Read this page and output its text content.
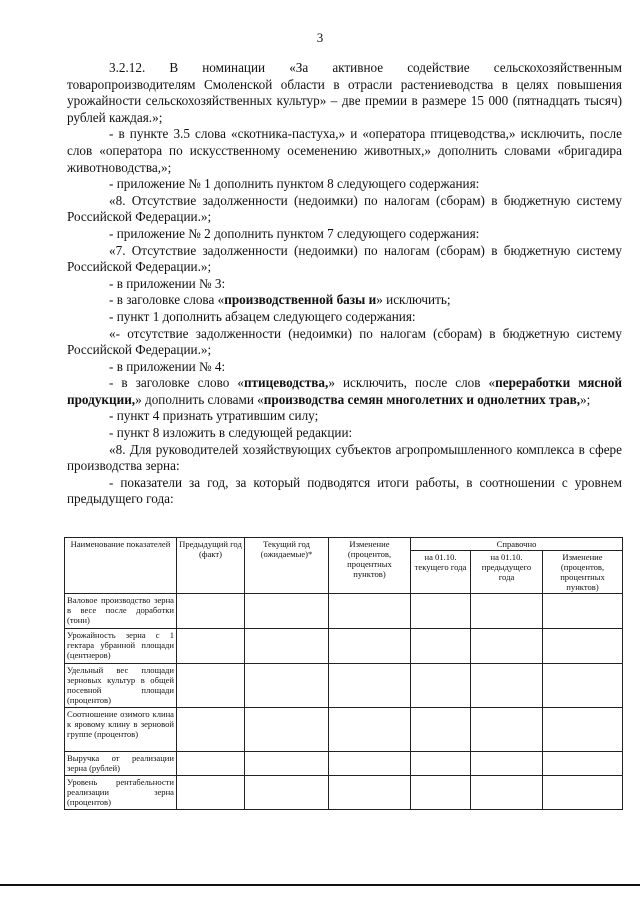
3

3.2.12. В номинации «За активное содействие сельскохозяйственным товаропроизводителям Смоленской области в отрасли растениеводства в целях повышения урожайности сельскохозяйственных культур» – две премии в размере 15 000 (пятнадцать тысяч) рублей каждая.»;

- в пункте 3.5 слова «скотника-пастуха,» и «оператора птицеводства,» исключить, после слов «оператора по искусственному осеменению животных,» дополнить словами «бригадира животноводства,»;

- приложение № 1 дополнить пунктом 8 следующего содержания:

«8. Отсутствие задолженности (недоимки) по налогам (сборам) в бюджетную систему Российской Федерации.»;

- приложение № 2 дополнить пунктом 7 следующего содержания:

«7. Отсутствие задолженности (недоимки) по налогам (сборам) в бюджетную систему Российской Федерации.»;

- в приложении № 3:

- в заголовке слова «производственной базы и» исключить;

- пункт 1 дополнить абзацем следующего содержания:

«- отсутствие задолженности (недоимки) по налогам (сборам) в бюджетную систему Российской Федерации.»;

- в приложении № 4:

- в заголовке слово «птицеводства,» исключить, после слов «переработки мясной продукции,» дополнить словами «производства семян многолетних и однолетних трав,»;

- пункт 4 признать утратившим силу;

- пункт 8 изложить в следующей редакции:

«8. Для руководителей хозяйствующих субъектов агропромышленного комплекса в сфере производства зерна:

- показатели за год, за который подводятся итоги работы, в соотношении с уровнем предыдущего года:

Наименование показателей	Предыдущий год (факт)	Текущий год (ожидаемые)*	Изменение (процентов, процентных пунктов)	Справочно		
				на 01.10. текущего года	на 01.10. предыдущего года	Изменение (процентов, процентных пунктов)
Валовое производство зерна в весе после доработки (тонн)						
Урожайность зерна с 1 гектара убранной площади (центнеров)						
Удельный вес площади зерновых культур в общей посевной площади (процентов)						
Соотношение озимого клина к яровому клину в зерновой группе (процентов)						
Выручка от реализации зерна (рублей)						
Уровень рентабельности реализации зерна (процентов)						
